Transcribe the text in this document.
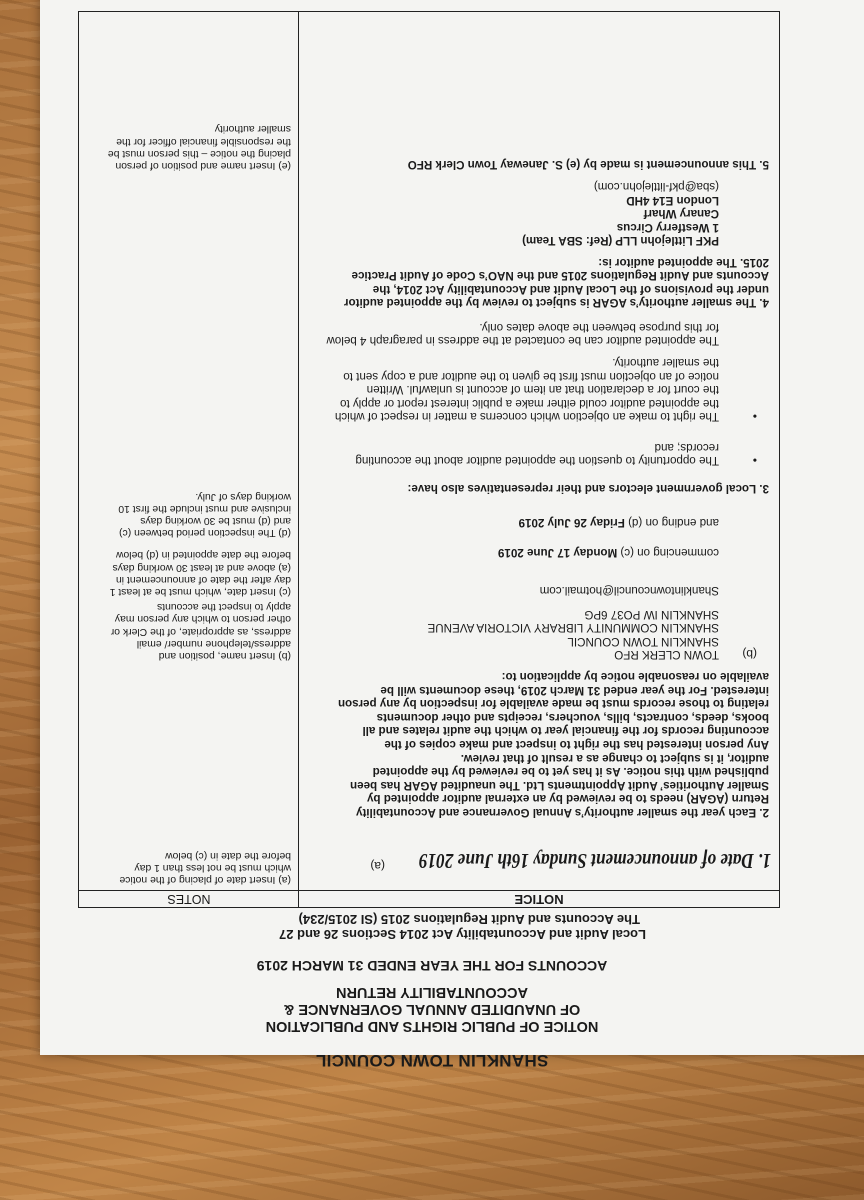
SHANKLIN TOWN COUNCIL
NOTICE OF PUBLIC RIGHTS AND PUBLICATION
OF UNAUDITED ANNUAL GOVERNANCE &
ACCOUNTABILITY RETURN
ACCOUNTS FOR THE YEAR ENDED 31 MARCH 2019
Local Audit and Accountability Act 2014 Sections 26 and 27
The Accounts and Audit Regulations 2015 (SI 2015/234)
NOTICE
NOTES
1. Date of announcement Sunday 16th June 2019
(a)
(a) Insert date of placing of the notice
which must be not less than 1 day
before the date in (c) below
2. Each year the smaller authority’s Annual Governance and Accountability
Return (AGAR) needs to be reviewed by an external auditor appointed by
Smaller Authorities’ Audit Appointments Ltd. The unaudited AGAR has been
published with this notice. As it has yet to be reviewed by the appointed
auditor, it is subject to change as a result of that review.
Any person interested has the right to inspect and make copies of the
accounting records for the financial year to which the audit relates and all
books, deeds, contracts, bills, vouchers, receipts and other documents
relating to those records must be made available for inspection by any person
interested. For the year ended 31 March 2019, these documents will be
available on reasonable notice by application to:
(b)
TOWN CLERK RFO
SHANKLIN TOWN COUNCIL
SHANKLIN COMMUNITY LIBRARY VICTORIA AVENUE
SHANKLIN IW PO37 6PG
Shanklintowncouncil@hotmail.com
(b) Insert name, position and
address/telephone number/ email
address, as appropriate, of the Clerk or
other person to which any person may
apply to inspect the accounts
commencing on (c) Monday 17 June 2019
and ending on (d) Friday 26 July 2019
(c) Insert date, which must be at least 1
day after the date of announcement in
(a) above and at least 30 working days
before the date appointed in (d) below
(d) The inspection period between (c)
and (d) must be 30 working days
inclusive and must include the first 10
working days of July.
3. Local government electors and their representatives also have:
•
The opportunity to question the appointed auditor about the accounting
records; and
•
The right to make an objection which concerns a matter in respect of which
the appointed auditor could either make a public interest report or apply to
the court for a declaration that an item of account is unlawful. Written
notice of an objection must first be given to the auditor and a copy sent to
the smaller authority.
The appointed auditor can be contacted at the address in paragraph 4 below
for this purpose between the above dates only.
4. The smaller authority’s AGAR is subject to review by the appointed auditor
under the provisions of the Local Audit and Accountability Act 2014, the
Accounts and Audit Regulations 2015 and the NAO’s Code of Audit Practice
2015. The appointed auditor is:
PKF Littlejohn LLP (Ref: SBA Team)
1 Westferry Circus
Canary Wharf
London E14 4HD
(sba@pkf-littlejohn.com)
5. This announcement is made by (e) S. Janeway Town Clerk RFO
(e) Insert name and position of person
placing the notice – this person must be
the responsible financial officer for the
smaller authority
